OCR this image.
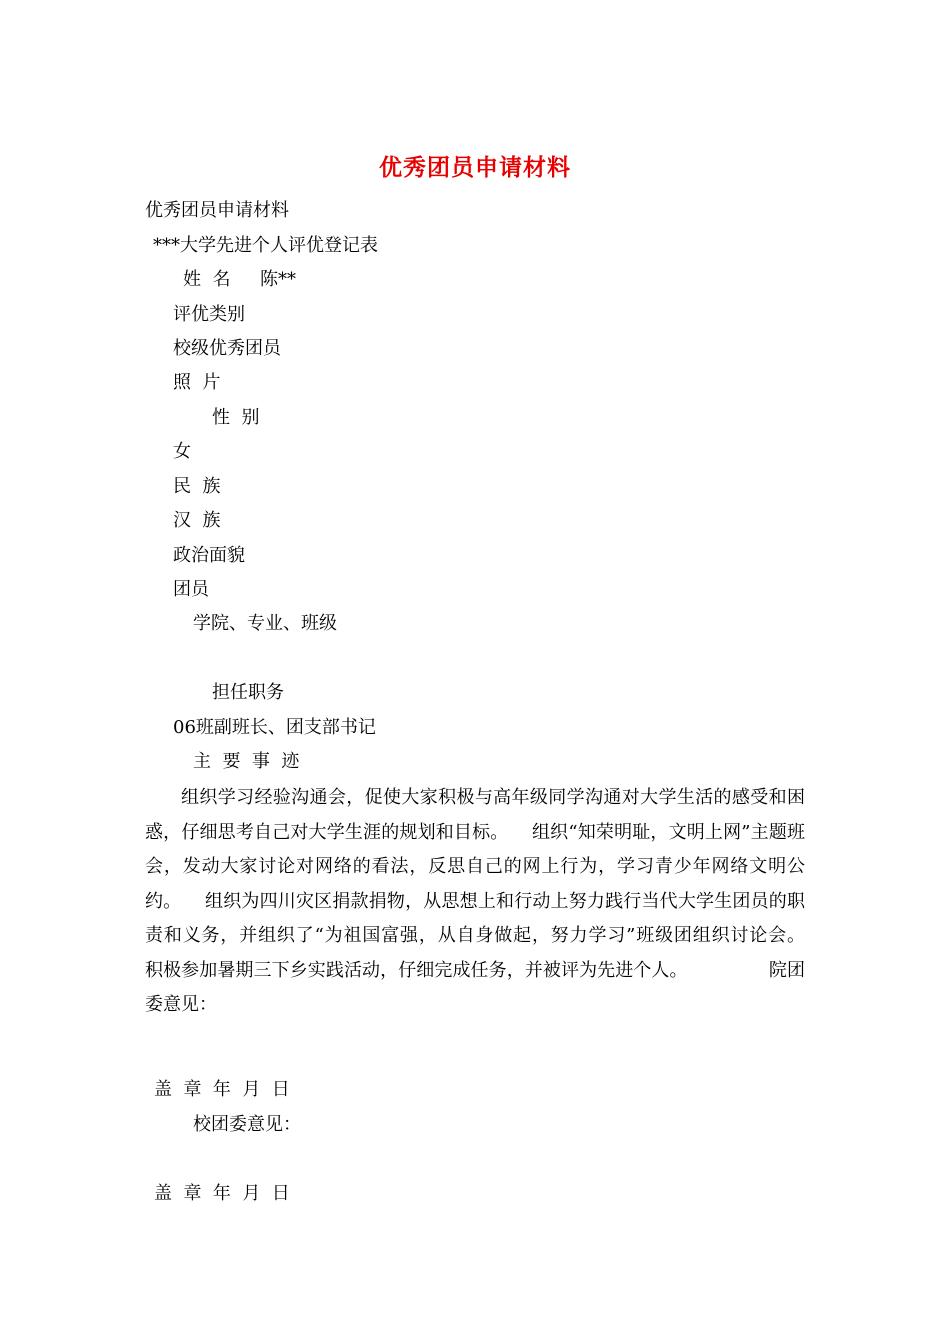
优秀团员申请材料
优秀团员申请材料
***大学先进个人评优登记表
姓  名 陈**
评优类别
校级优秀团员
照  片
性  别
女
民  族
汉  族
政治面貌
团员
学院、专业、班级
担任职务
06班副班长、团支部书记
主  要  事  迹
组织学习经验沟通会，促使大家积极与高年级同学沟通对大学生活的感受和困惑，仔细思考自己对大学生涯的规划和目标。    组织“知荣明耻，文明上网”主题班会，发动大家讨论对网络的看法，反思自己的网上行为，学习青少年网络文明公约。    组织为四川灾区捐款捐物，从思想上和行动上努力践行当代大学生团员的职责和义务，并组织了“为祖国富强，从自身做起，努力学习”班级团组织讨论会。    积极参加暑期三下乡实践活动，仔细完成任务，并被评为先进个人。              院团委意见：
盖  章  年  月  日
校团委意见：
盖  章  年  月  日
